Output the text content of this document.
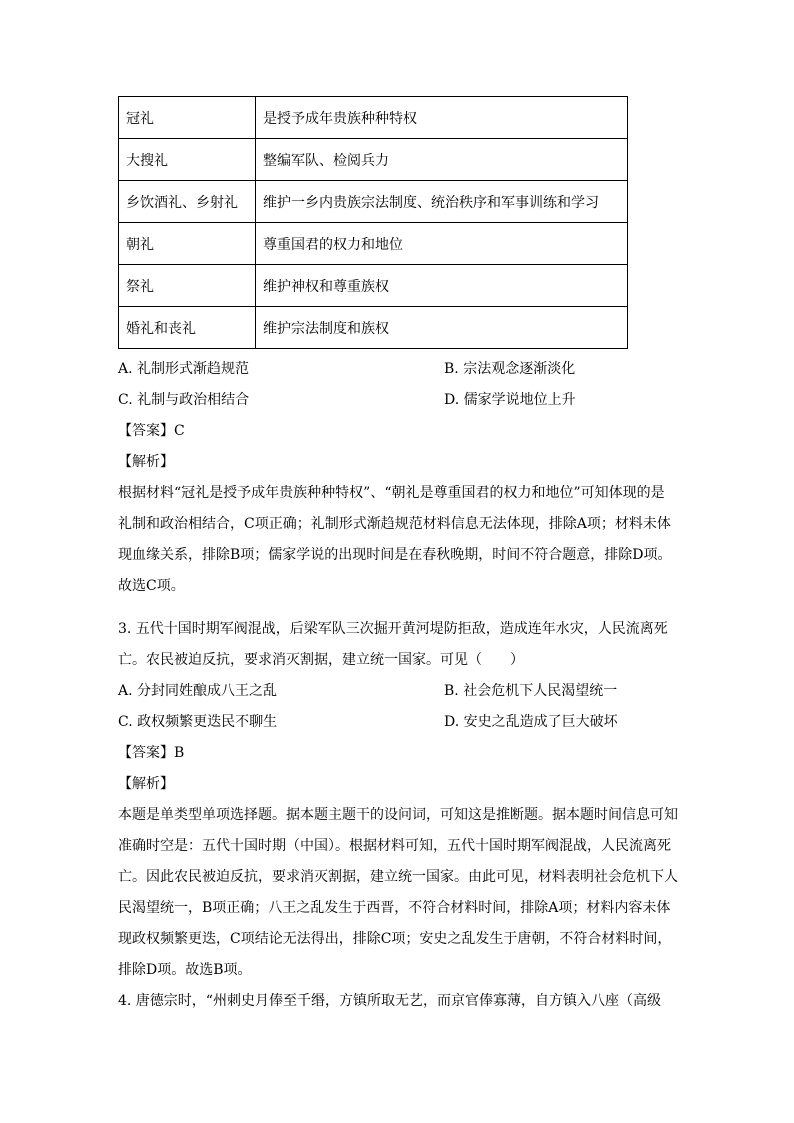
冠礼	是授予成年贵族种种特权
大搜礼	整编军队、检阅兵力
乡饮酒礼、乡射礼	维护一乡内贵族宗法制度、统治秩序和军事训练和学习
朝礼	尊重国君的权力和地位
祭礼	维护神权和尊重族权
婚礼和丧礼	维护宗法制度和族权
A. 礼制形式渐趋规范	B. 宗法观念逐渐淡化
C. 礼制与政治相结合	D. 儒家学说地位上升
【答案】C
【解析】
根据材料“冠礼是授予成年贵族种种特权”、“朝礼是尊重国君的权力和地位”可知体现的是礼制和政治相结合，C项正确；礼制形式渐趋规范材料信息无法体现，排除A项；材料未体现血缘关系，排除B项；儒家学说的出现时间是在春秋晚期，时间不符合题意，排除D项。故选C项。
3. 五代十国时期军阀混战，后梁军队三次掘开黄河堤防拒敌，造成连年水灾，人民流离死亡。农民被迫反抗，要求消灭割据，建立统一国家。可见（　　）
A. 分封同姓酿成八王之乱	B. 社会危机下人民渴望统一
C. 政权频繁更迭民不聊生	D. 安史之乱造成了巨大破坏
【答案】B
【解析】
本题是单类型单项选择题。据本题主题干的设问词，可知这是推断题。据本题时间信息可知准确时空是：五代十国时期（中国）。根据材料可知，五代十国时期军阀混战，人民流离死亡。因此农民被迫反抗，要求消灭割据，建立统一国家。由此可见，材料表明社会危机下人民渴望统一，B项正确；八王之乱发生于西晋，不符合材料时间，排除A项；材料内容未体现政权频繁更迭，C项结论无法得出，排除C项；安史之乱发生于唐朝，不符合材料时间，排除D项。故选B项。
4. 唐德宗时，“州刺史月俸至千缗，方镇所取无艺，而京官俸寡薄，自方镇入八座（高级
